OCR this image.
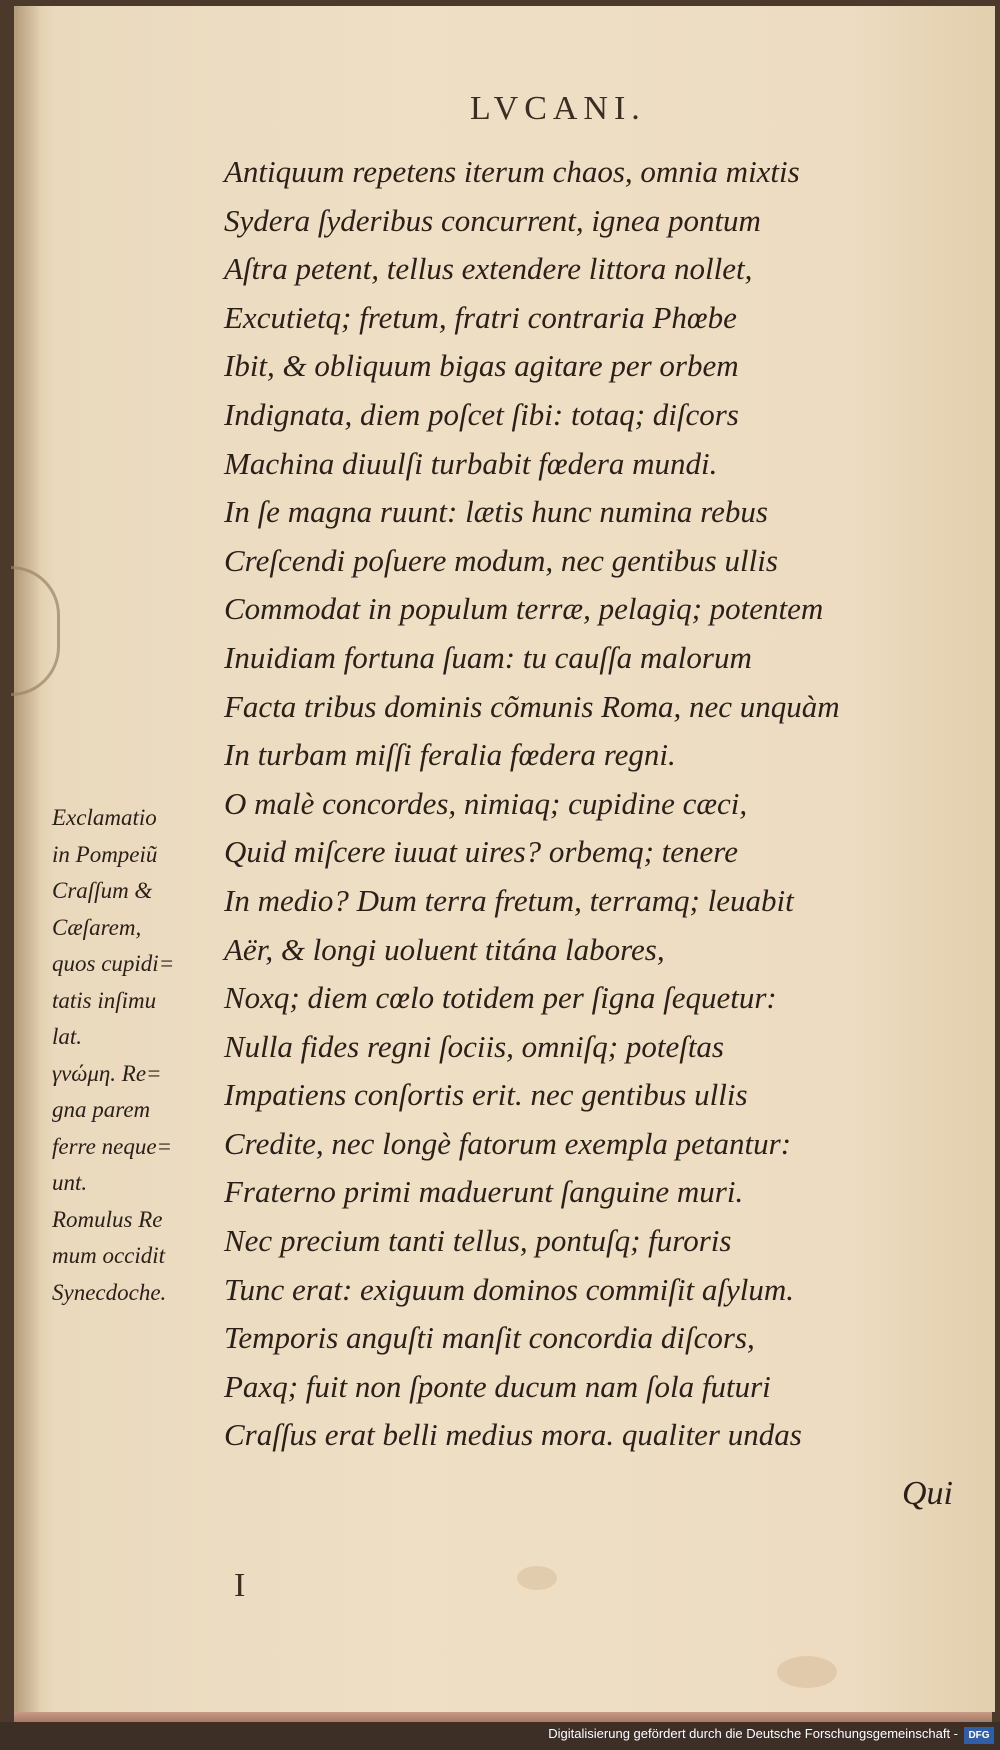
LVCANI.
Antiquum repetens iterum chaos, omnia mixtis
Sydera ſyderibus concurrent, ignea pontum
Aſtra petent, tellus extendere littora nollet,
Excutietq; fretum, fratri contraria Phœbe
Ibit, & obliquum bigas agitare per orbem
Indignata, diem poſcet ſibi: totaq; diſcors
Machina diuulſi turbabit fœdera mundi.
In ſe magna ruunt: lætis hunc numina rebus
Creſcendi poſuere modum, nec gentibus ullis
Commodat in populum terræ, pelagiq; potentem
Inuidiam fortuna ſuam: tu cauſſa malorum
Facta tribus dominis cõmunis Roma, nec unquàm
In turbam miſſi feralia fœdera regni.
O malè concordes, nimiaq; cupidine cæci,
Quid miſcere iuuat uires? orbemq; tenere
In medio? Dum terra fretum, terramq; leuabit
Aër, & longi uoluent titána labores,
Noxq; diem cœlo totidem per ſigna ſequetur:
Nulla fides regni ſociis, omniſq; poteſtas
Impatiens conſortis erit. nec gentibus ullis
Credite, nec longè fatorum exempla petantur:
Fraterno primi maduerunt ſanguine muri.
Nec precium tanti tellus, pontuſq; furoris
Tunc erat: exiguum dominos commiſit aſylum.
Temporis anguſti manſit concordia diſcors,
Paxq; fuit non ſponte ducum nam ſola futuri
Craſſus erat belli medius mora. qualiter undas
Exclamatio
in Pompeiũ
Craſſum &
Cæſarem,
quos cupidi=
tatis inſimu
lat.
γνώμη. Re=
gna parem
ferre neque=
unt.
Romulus Re
mum occidit
Synecdoche.
Qui
I
Digitalisierung gefördert durch die Deutsche Forschungsgemeinschaft -	DFG
